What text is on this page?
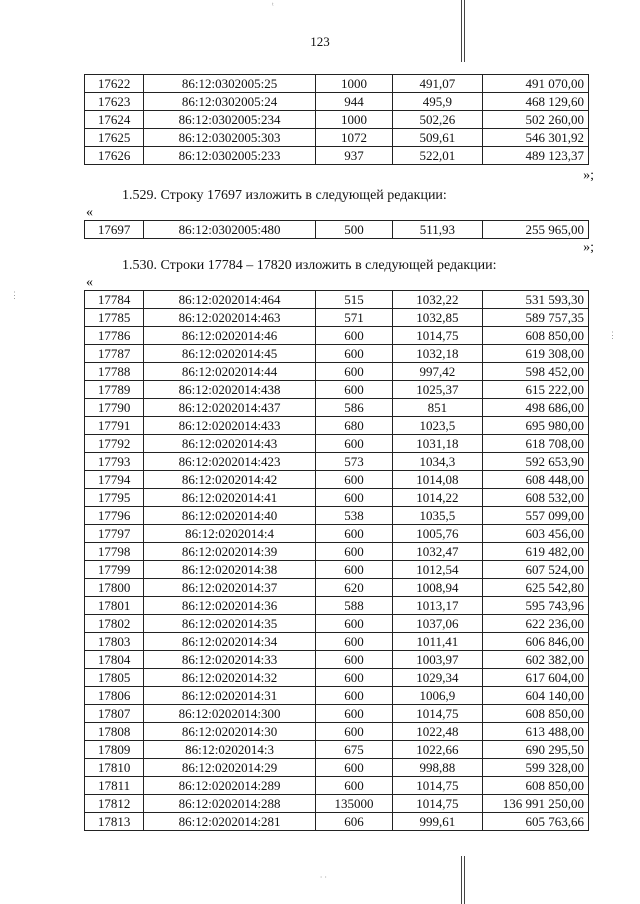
123
17622	86:12:0302005:25	1000	491,07	491 070,00
17623	86:12:0302005:24	944	495,9	468 129,60
17624	86:12:0302005:234	1000	502,26	502 260,00
17625	86:12:0302005:303	1072	509,61	546 301,92
17626	86:12:0302005:233	937	522,01	489 123,37
»;
1.529. Строку 17697 изложить в следующей редакции:
«
17697	86:12:0302005:480	500	511,93	255 965,00
»;
1.530. Строки 17784 – 17820 изложить в следующей редакции:
«
17784	86:12:0202014:464	515	1032,22	531 593,30
17785	86:12:0202014:463	571	1032,85	589 757,35
17786	86:12:0202014:46	600	1014,75	608 850,00
17787	86:12:0202014:45	600	1032,18	619 308,00
17788	86:12:0202014:44	600	997,42	598 452,00
17789	86:12:0202014:438	600	1025,37	615 222,00
17790	86:12:0202014:437	586	851	498 686,00
17791	86:12:0202014:433	680	1023,5	695 980,00
17792	86:12:0202014:43	600	1031,18	618 708,00
17793	86:12:0202014:423	573	1034,3	592 653,90
17794	86:12:0202014:42	600	1014,08	608 448,00
17795	86:12:0202014:41	600	1014,22	608 532,00
17796	86:12:0202014:40	538	1035,5	557 099,00
17797	86:12:0202014:4	600	1005,76	603 456,00
17798	86:12:0202014:39	600	1032,47	619 482,00
17799	86:12:0202014:38	600	1012,54	607 524,00
17800	86:12:0202014:37	620	1008,94	625 542,80
17801	86:12:0202014:36	588	1013,17	595 743,96
17802	86:12:0202014:35	600	1037,06	622 236,00
17803	86:12:0202014:34	600	1011,41	606 846,00
17804	86:12:0202014:33	600	1003,97	602 382,00
17805	86:12:0202014:32	600	1029,34	617 604,00
17806	86:12:0202014:31	600	1006,9	604 140,00
17807	86:12:0202014:300	600	1014,75	608 850,00
17808	86:12:0202014:30	600	1022,48	613 488,00
17809	86:12:0202014:3	675	1022,66	690 295,50
17810	86:12:0202014:29	600	998,88	599 328,00
17811	86:12:0202014:289	600	1014,75	608 850,00
17812	86:12:0202014:288	135000	1014,75	136 991 250,00
17813	86:12:0202014:281	606	999,61	605 763,66
ᵗ
⋮
⋮
∙ ∙
